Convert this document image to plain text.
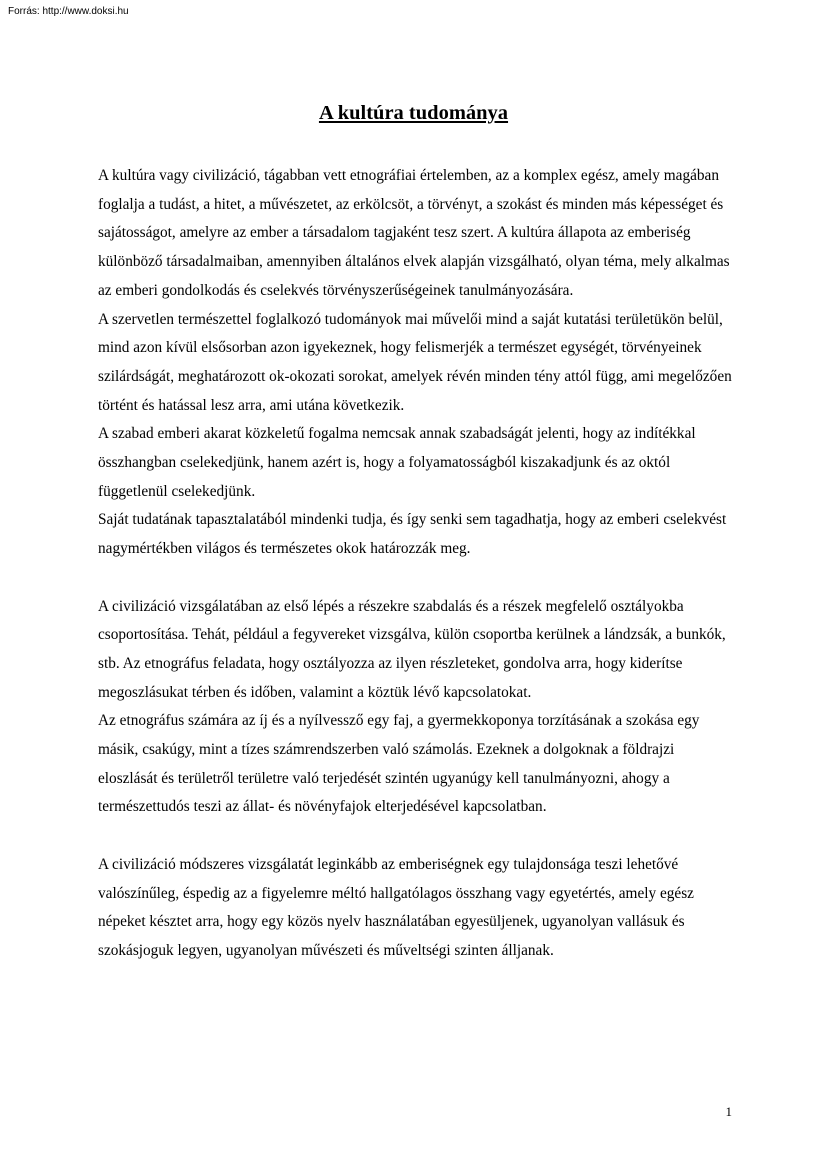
Forrás: http://www.doksi.hu

A kultúra tudománya

A kultúra vagy civilizáció, tágabban vett etnográfiai értelemben, az a komplex egész, amely magában foglalja a tudást, a hitet, a művészetet, az erkölcsöt, a törvényt, a szokást és minden más képességet és sajátosságot, amelyre az ember a társadalom tagjaként tesz szert. A kultúra állapota az emberiség különböző társadalmaiban, amennyiben általános elvek alapján vizsgálható, olyan téma, mely alkalmas az emberi gondolkodás és cselekvés törvényszerűségeinek tanulmányozására.

A szervetlen természettel foglalkozó tudományok mai művelői mind a saját kutatási területükön belül, mind azon kívül elsősorban azon igyekeznek, hogy felismerjék a természet egységét, törvényeinek szilárdságát, meghatározott ok-okozati sorokat, amelyek révén minden tény attól függ, ami megelőzően történt és hatással lesz arra, ami utána következik.

A szabad emberi akarat közkeletű fogalma nemcsak annak szabadságát jelenti, hogy az indítékkal összhangban cselekedjünk, hanem azért is, hogy a folyamatosságból kiszakadjunk és az októl függetlenül cselekedjünk.

Saját tudatának tapasztalatából mindenki tudja, és így senki sem tagadhatja, hogy az emberi cselekvést nagymértékben világos és természetes okok határozzák meg.

A civilizáció vizsgálatában az első lépés a részekre szabdalás és a részek megfelelő osztályokba csoportosítása. Tehát, például a fegyvereket vizsgálva, külön csoportba kerülnek a lándzsák, a bunkók, stb. Az etnográfus feladata, hogy osztályozza az ilyen részleteket, gondolva arra, hogy kiderítse megoszlásukat térben és időben, valamint a köztük lévő kapcsolatokat.

Az etnográfus számára az íj és a nyílvessző egy faj, a gyermekkoponya torzításának a szokása egy másik, csakúgy, mint a tízes számrendszerben való számolás. Ezeknek a dolgoknak a földrajzi eloszlását és területről területre való terjedését szintén ugyanúgy kell tanulmányozni, ahogy a természettudós teszi az állat- és növényfajok elterjedésével kapcsolatban.

A civilizáció módszeres vizsgálatát leginkább az emberiségnek egy tulajdonsága teszi lehetővé valószínűleg, éspedig az a figyelemre méltó hallgatólagos összhang vagy egyetértés, amely egész népeket késztet arra, hogy egy közös nyelv használatában egyesüljenek, ugyanolyan vallásuk és szokásjoguk legyen, ugyanolyan művészeti és műveltségi szinten álljanak.

1
